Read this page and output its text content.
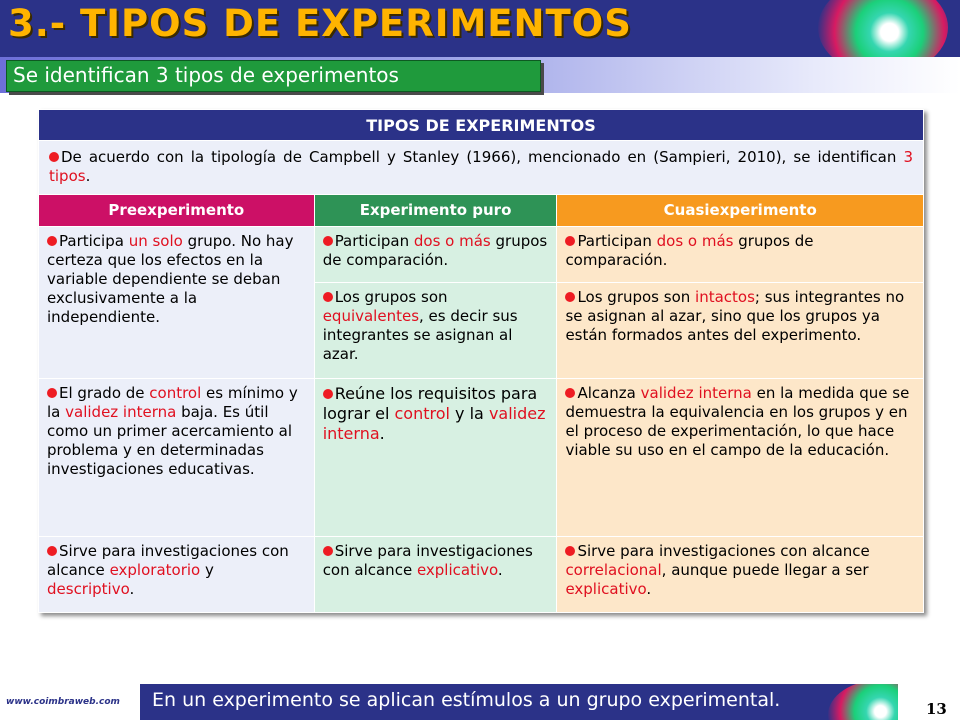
3.- TIPOS DE EXPERIMENTOS
Se identifican 3 tipos de experimentos
TIPOS DE EXPERIMENTOS		
De acuerdo con la tipología de Campbell y Stanley (1966), mencionado en (Sampieri, 2010), se identifican 3 tipos.		
Preexperimento	Experimento puro	Cuasiexperimento
Participa un solo grupo. No hay certeza que los efectos en la variable dependiente se deban exclusivamente a la independiente.	Participan dos o más grupos de comparación.	Participan dos o más grupos de comparación.
	Los grupos son equivalentes, es decir sus integrantes se asignan al azar.	Los grupos son intactos; sus integrantes no se asignan al azar, sino que los grupos ya están formados antes del experimento.
El grado de control es mínimo y la validez interna baja. Es útil como un primer acercamiento al problema y en determinadas investigaciones educativas.	Reúne los requisitos para lograr el control y la validez interna.	Alcanza validez interna en la medida que se demuestra la equivalencia en los grupos y en el proceso de experimentación, lo que hace viable su uso en el campo de la educación.
Sirve para investigaciones con alcance exploratorio y descriptivo.	Sirve para investigaciones con alcance explicativo.	Sirve para investigaciones con alcance correlacional, aunque puede llegar a ser explicativo.
www.coimbraweb.com En un experimento se aplican estímulos a un grupo experimental.	13
